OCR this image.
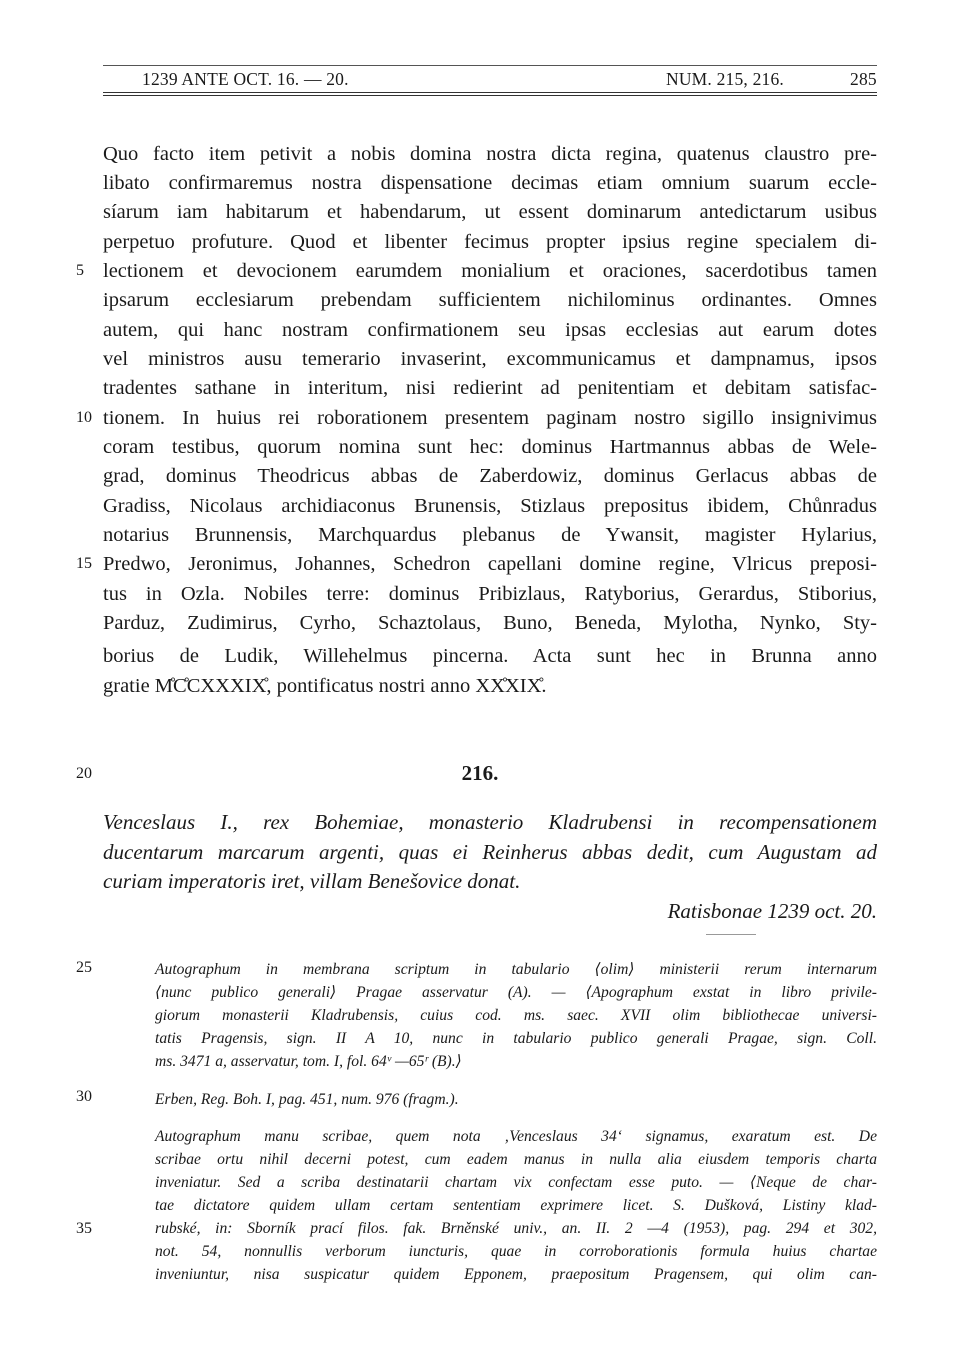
1239 ANTE OCT. 16. — 20.	NUM. 215, 216.	285
Quo facto item petivit a nobis domina nostra dicta regina, quatenus claustro pre-
libato confirmaremus nostra dispensatione decimas etiam omnium suarum eccle-
síarum iam habitarum et habendarum, ut essent dominarum antedictarum usibus
perpetuo profuture. Quod et libenter fecimus propter ipsius regine specialem di-
lectionem et devocionem earumdem monialium et oraciones, sacerdotibus tamen
ipsarum ecclesiarum prebendam sufficientem nichilominus ordinantes. Omnes
autem, qui hanc nostram confirmationem seu ipsas ecclesias aut earum dotes
vel ministros ausu temerario invaserint, excommunicamus et dampnamus, ipsos
tradentes sathane in interitum, nisi redierint ad penitentiam et debitam satisfac-
tionem. In huius rei roborationem presentem paginam nostro sigillo insignivimus
coram testibus, quorum nomina sunt hec: dominus Hartmannus abbas de Wele-
grad, dominus Theodricus abbas de Zaberdowiz, dominus Gerlacus abbas de
Gradiss, Nicolaus archidiaconus Brunensis, Stizlaus prepositus ibidem, Chůnradus
notarius Brunnensis, Marchquardus plebanus de Ywansit, magister Hylarius,
Predwo, Jeronimus, Johannes, Schedron capellani domine regine, Vlricus preposi-
tus in Ozla. Nobiles terre: dominus Pribizlaus, Ratyborius, Gerardus, Stiborius,
Parduz, Zudimirus, Cyrho, Schaztolaus, Buno, Beneda, Mylotha, Nynko, Sty-
borius de Ludik, Willehelmus pincerna. Acta sunt hec in Brunna anno
gratie M̊C̊CXXXIX̊, pontificatus nostri anno XX̊XIX̊.
5
10
15
20	216.
Venceslaus I., rex Bohemiae, monasterio Kladrubensi in recompensationem
ducentarum marcarum argenti, quas ei Reinherus abbas dedit, cum Augustam ad
curiam imperatoris iret, villam Benešovice donat.
Ratisbonae 1239 oct. 20.
25
30
35
Autographum in membrana scriptum in tabulario ⟨olim⟩ ministerii rerum internarum
⟨nunc publico generali⟩ Pragae asservatur (A). — ⟨Apographum exstat in libro privile-
giorum monasterii Kladrubensis, cuius cod. ms. saec. XVII olim bibliothecae universi-
tatis Pragensis, sign. II A 10, nunc in tabulario publico generali Pragae, sign. Coll.
ms. 3471 a, asservatur, tom. I, fol. 64ᵛ —65ʳ (B).⟩
Erben, Reg. Boh. I, pag. 451, num. 976 (fragm.).
Autographum manu scribae, quem nota ‚Venceslaus 34‘ signamus, exaratum est. De
scribae ortu nihil decerni potest, cum eadem manus in nulla alia eiusdem temporis charta
inveniatur. Sed a scriba destinatarii chartam vix confectam esse puto. — ⟨Neque de char-
tae dictatore quidem ullam certam sententiam exprimere licet. S. Dušková, Listiny klad-
rubské, in: Sborník prací filos. fak. Brněnské univ., an. II. 2 —4 (1953), pag. 294 et 302,
not. 54, nonnullis verborum iuncturis, quae in corroborationis formula huius chartae
inveniuntur, nisa suspicatur quidem Epponem, praepositum Pragensem, qui olim can-
